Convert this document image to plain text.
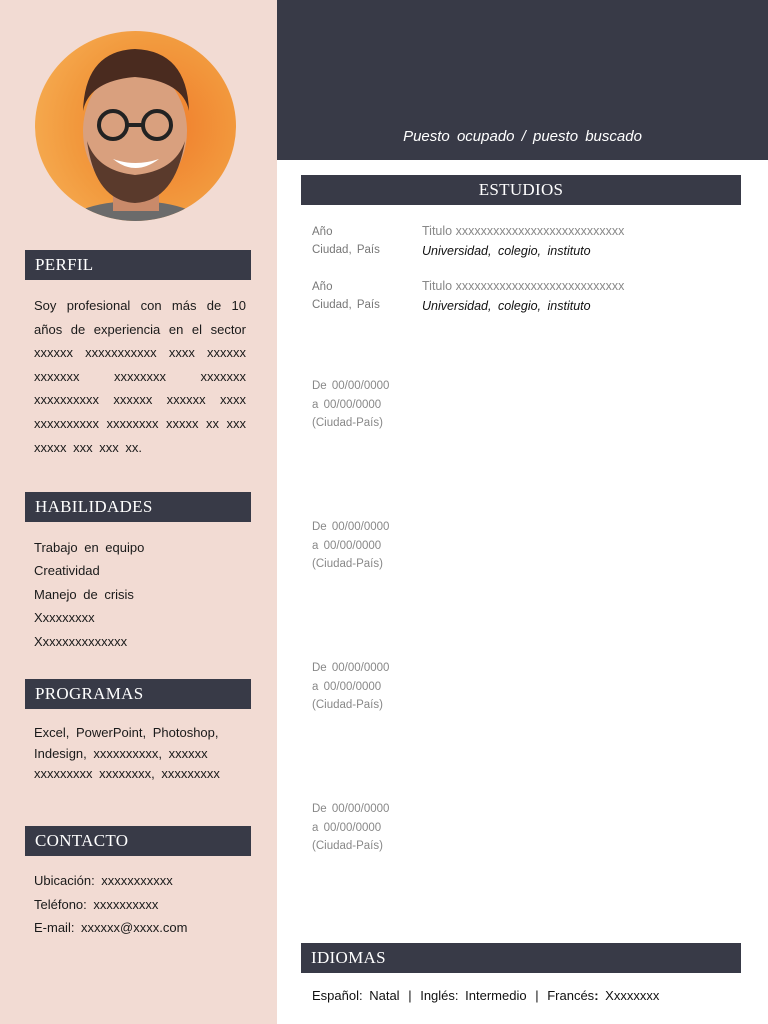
Puesto ocupado / puesto buscado
PERFIL
Soy profesional con más de 10 años de experiencia en el sector xxxxxx xxxxxxxxxxx xxxx xxxxxx xxxxxxx xxxxxxxx xxxxxxx xxxxxxxxxx xxxxxx xxxxxx xxxx xxxxxxxxxx xxxxxxxx xxxxx xx xxx xxxxx xxx xxx xx.
HABILIDADES
Trabajo en equipo
Creatividad
Manejo de crisis
Xxxxxxxxx
Xxxxxxxxxxxxxx
PROGRAMAS
Excel, PowerPoint, Photoshop, Indesign, xxxxxxxxxx, xxxxxx xxxxxxxxx xxxxxxxx, xxxxxxxxx
CONTACTO
Ubicación: xxxxxxxxxxx
Teléfono: xxxxxxxxxx
E-mail: xxxxxx@xxxx.com
ESTUDIOS
Año
Ciudad, País
Titulo xxxxxxxxxxxxxxxxxxxxxxxxxxx
Universidad, colegio, instituto
Año
Ciudad, País
Titulo xxxxxxxxxxxxxxxxxxxxxxxxxxx
Universidad, colegio, instituto
De 00/00/0000
a 00/00/0000
(Ciudad-País)
De 00/00/0000
a 00/00/0000
(Ciudad-País)
De 00/00/0000
a 00/00/0000
(Ciudad-País)
De 00/00/0000
a 00/00/0000
(Ciudad-País)
IDIOMAS
Español: Natal | Inglés: Intermedio | Francés: Xxxxxxxx
